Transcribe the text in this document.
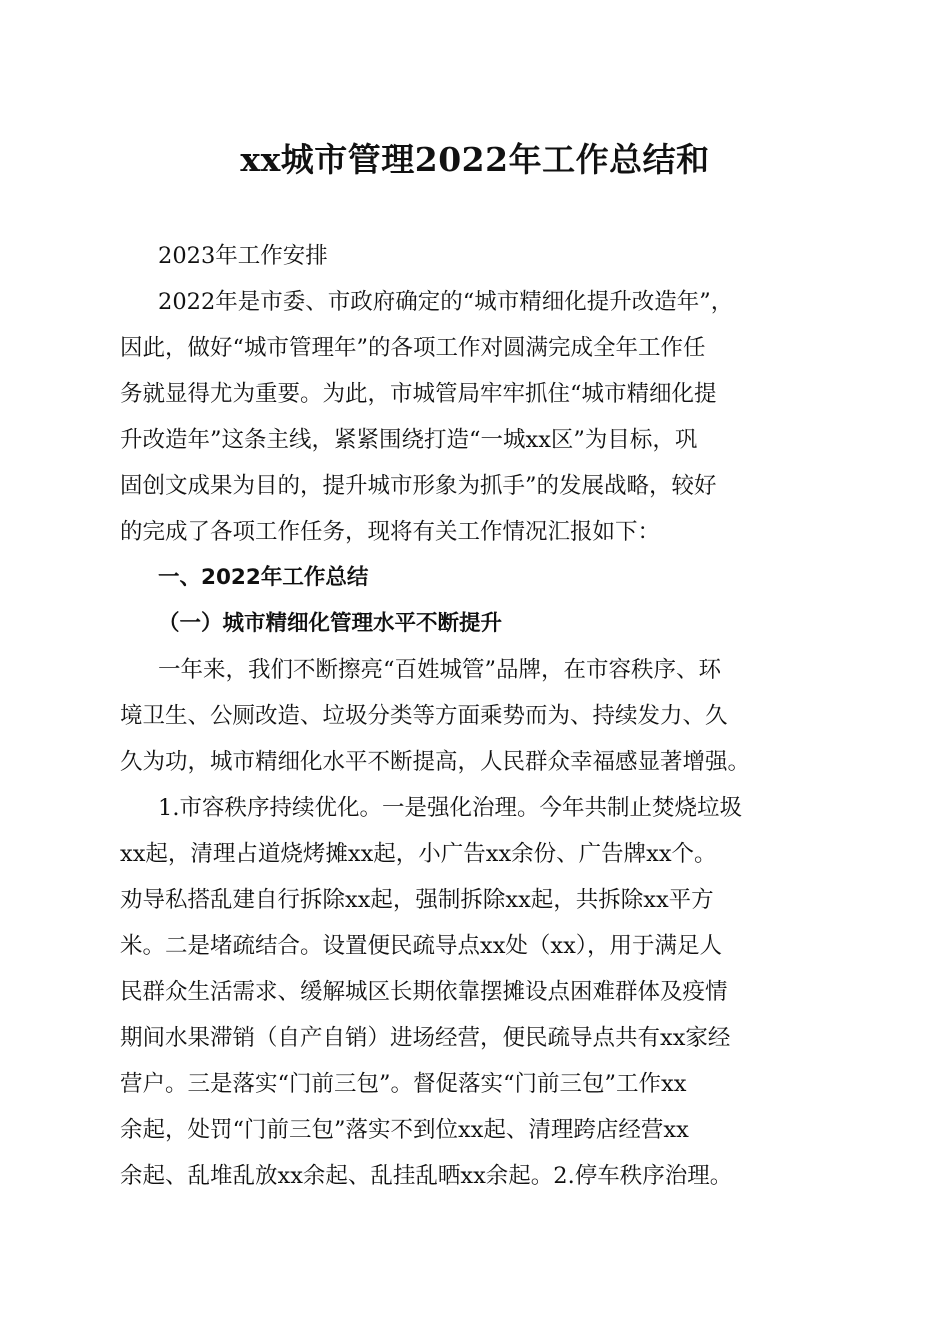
xx城市管理2022年工作总结和
2023年工作安排
2022年是市委、市政府确定的“城市精细化提升改造年”，
因此，做好“城市管理年”的各项工作对圆满完成全年工作任
务就显得尤为重要。为此，市城管局牢牢抓住“城市精细化提
升改造年”这条主线，紧紧围绕打造“一城xx区”为目标，巩
固创文成果为目的，提升城市形象为抓手”的发展战略，较好
的完成了各项工作任务，现将有关工作情况汇报如下：
一、2022年工作总结
（一）城市精细化管理水平不断提升
一年来，我们不断擦亮“百姓城管”品牌，在市容秩序、环
境卫生、公厕改造、垃圾分类等方面乘势而为、持续发力、久
久为功，城市精细化水平不断提高，人民群众幸福感显著增强。
1.市容秩序持续优化。一是强化治理。今年共制止焚烧垃圾
xx起，清理占道烧烤摊xx起，小广告xx余份、广告牌xx个。
劝导私搭乱建自行拆除xx起，强制拆除xx起，共拆除xx平方
米。二是堵疏结合。设置便民疏导点xx处（xx），用于满足人
民群众生活需求、缓解城区长期依靠摆摊设点困难群体及疫情
期间水果滞销（自产自销）进场经营，便民疏导点共有xx家经
营户。三是落实“门前三包”。督促落实“门前三包”工作xx
余起，处罚“门前三包”落实不到位xx起、清理跨店经营xx
余起、乱堆乱放xx余起、乱挂乱晒xx余起。2.停车秩序治理。
